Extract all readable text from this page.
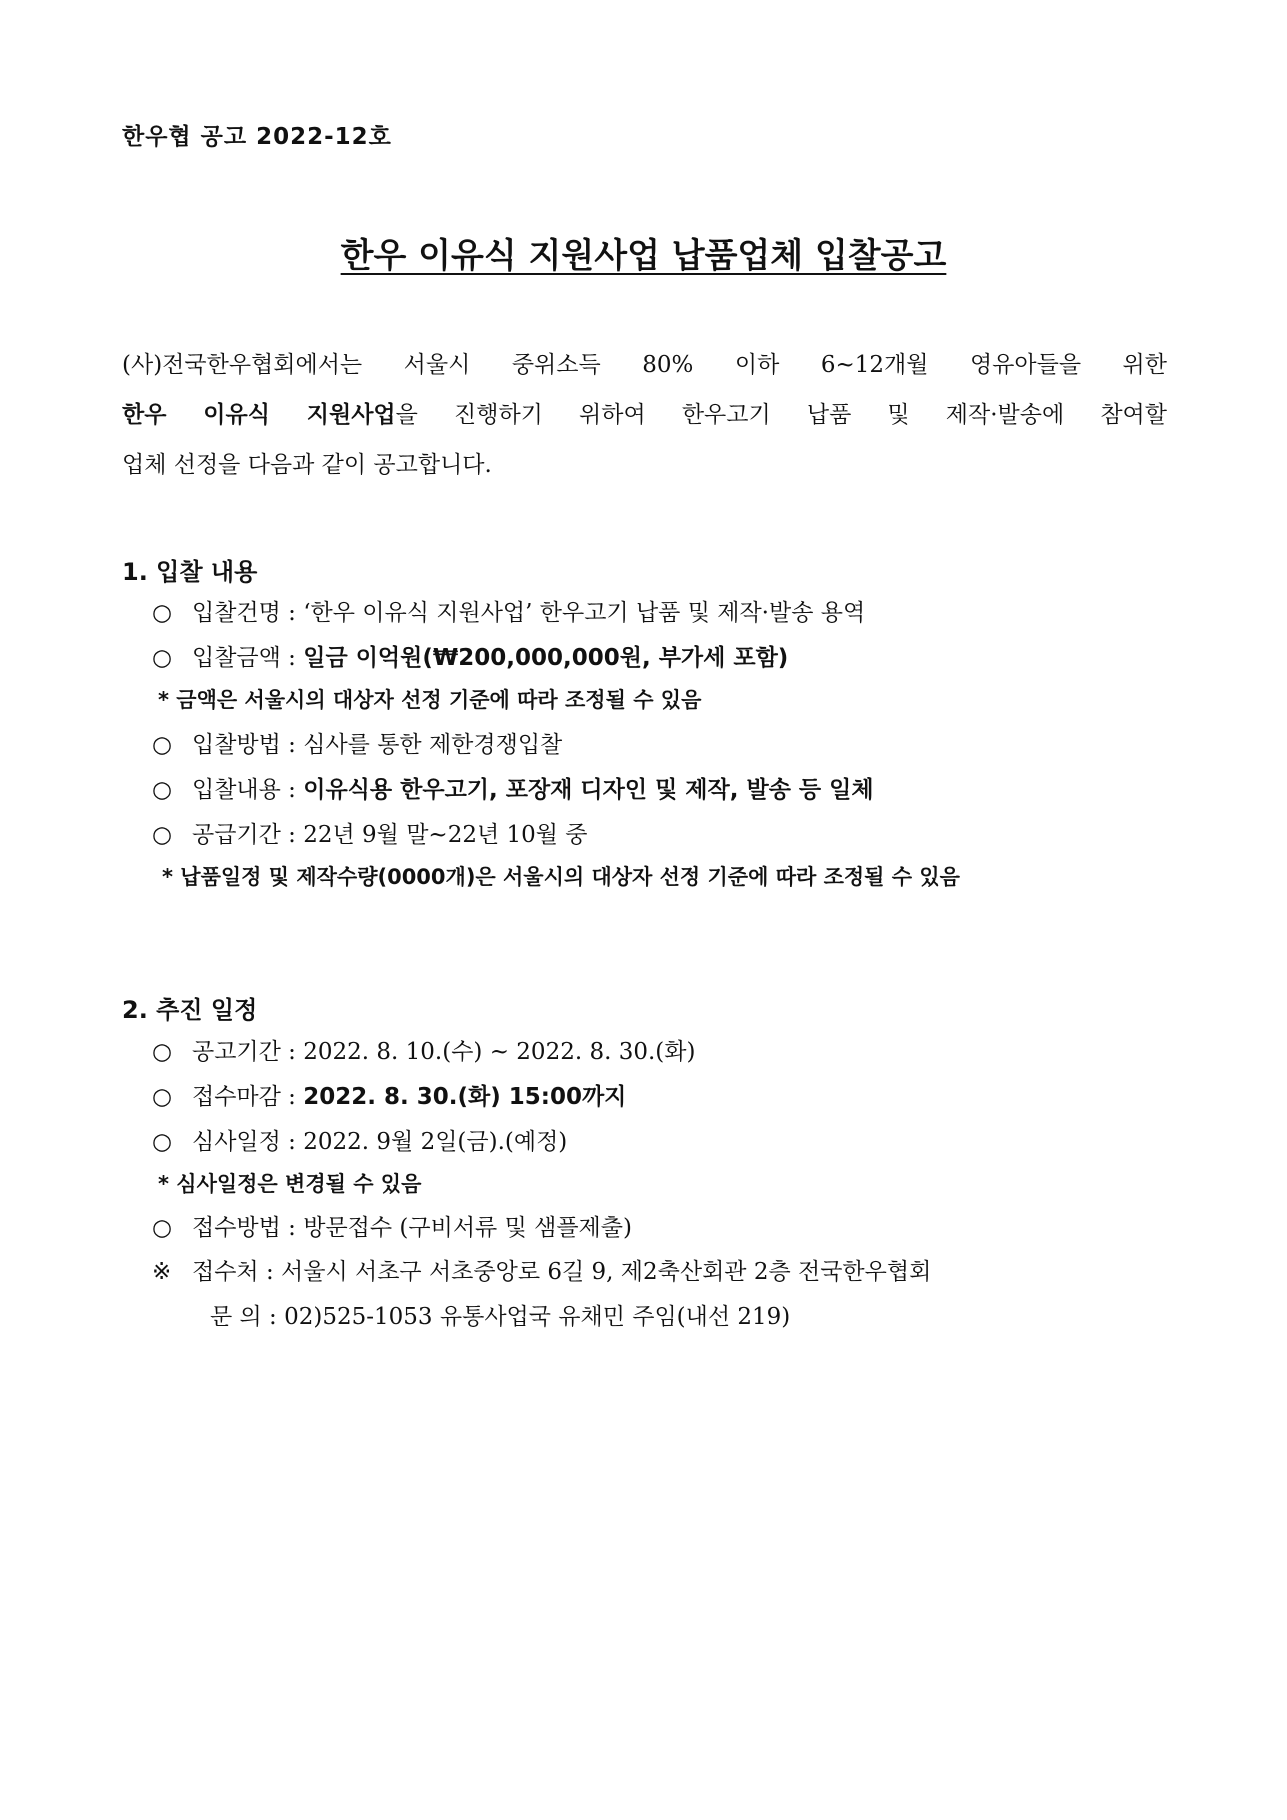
한우협 공고 2022-12호
한우 이유식 지원사업 납품업체 입찰공고
(사)전국한우협회에서는 서울시 중위소득 80% 이하 6~12개월 영유아들을 위한
한우 이유식 지원사업을 진행하기 위하여 한우고기 납품 및 제작·발송에 참여할
업체 선정을 다음과 같이 공고합니다.
1. 입찰 내용
○ 입찰건명 : ‘한우 이유식 지원사업’ 한우고기 납품 및 제작·발송 용역
○ 입찰금액 : 일금 이억원(₩200,000,000원, 부가세 포함)
* 금액은 서울시의 대상자 선정 기준에 따라 조정될 수 있음
○ 입찰방법 : 심사를 통한 제한경쟁입찰
○ 입찰내용 : 이유식용 한우고기, 포장재 디자인 및 제작, 발송 등 일체
○ 공급기간 : 22년 9월 말~22년 10월 중
* 납품일정 및 제작수량(0000개)은 서울시의 대상자 선정 기준에 따라 조정될 수 있음
2. 추진 일정
○ 공고기간 : 2022. 8. 10.(수) ~ 2022. 8. 30.(화)
○ 접수마감 : 2022. 8. 30.(화) 15:00까지
○ 심사일정 : 2022. 9월 2일(금).(예정)
* 심사일정은 변경될 수 있음
○ 접수방법 : 방문접수 (구비서류 및 샘플제출)
※ 접수처 : 서울시 서초구 서초중앙로 6길 9, 제2축산회관 2층 전국한우협회
문 의 : 02)525-1053 유통사업국 유채민 주임(내선 219)
